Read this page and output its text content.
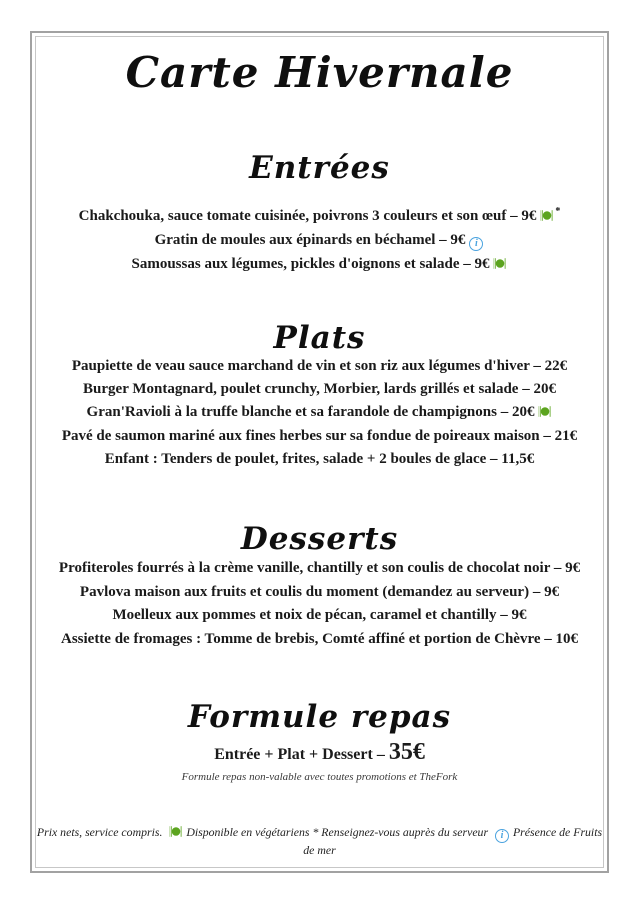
Carte Hivernale
Entrées
Chakchouka, sauce tomate cuisinée, poivrons 3 couleurs et son œuf – 9€ *
Gratin de moules aux épinards en béchamel – 9€ i
Samoussas aux légumes, pickles d'oignons et salade – 9€
Plats
Paupiette de veau sauce marchand de vin et son riz aux légumes d'hiver – 22€
Burger Montagnard, poulet crunchy, Morbier, lards grillés et salade – 20€
Gran'Ravioli à la truffe blanche et sa farandole de champignons – 20€
Pavé de saumon mariné aux fines herbes sur sa fondue de poireaux maison – 21€
Enfant : Tenders de poulet, frites, salade + 2 boules de glace – 11,5€
Desserts
Profiteroles fourrés à la crème vanille, chantilly et son coulis de chocolat noir – 9€
Pavlova maison aux fruits et coulis du moment (demandez au serveur) – 9€
Moelleux aux pommes et noix de pécan, caramel et chantilly – 9€
Assiette de fromages : Tomme de brebis, Comté affiné et portion de Chèvre – 10€
Formule repas
Entrée + Plat + Dessert – 35€
Formule repas non-valable avec toutes promotions et TheFork
Prix nets, service compris. Disponible en végétariens * Renseignez-vous auprès du serveur i Présence de Fruits de mer
